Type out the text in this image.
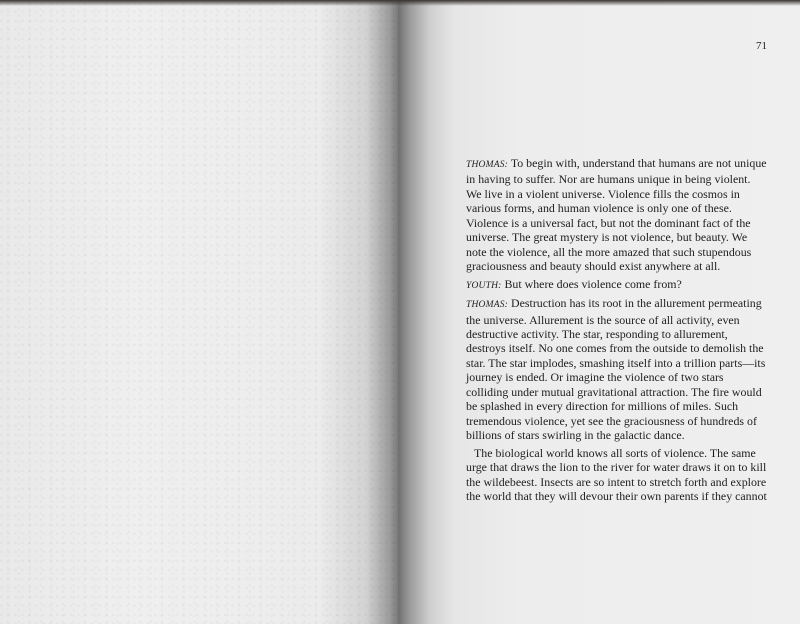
71

THOMAS: To begin with, understand that humans are not unique in having to suffer. Nor are humans unique in being violent. We live in a violent universe. Violence fills the cosmos in various forms, and human violence is only one of these. Violence is a universal fact, but not the dominant fact of the universe. The great mystery is not violence, but beauty. We note the violence, all the more amazed that such stupendous graciousness and beauty should exist anywhere at all.

YOUTH: But where does violence come from?

THOMAS: Destruction has its root in the allurement permeating the universe. Allurement is the source of all activity, even destructive activity. The star, responding to allurement, destroys itself. No one comes from the outside to demolish the star. The star implodes, smashing itself into a trillion parts—its journey is ended. Or imagine the violence of two stars colliding under mutual gravitational attraction. The fire would be splashed in every direction for millions of miles. Such tremendous violence, yet see the graciousness of hundreds of billions of stars swirling in the galactic dance.

The biological world knows all sorts of violence. The same urge that draws the lion to the river for water draws it on to kill the wildebeest. Insects are so intent to stretch forth and explore the world that they will devour their own parents if they cannot
